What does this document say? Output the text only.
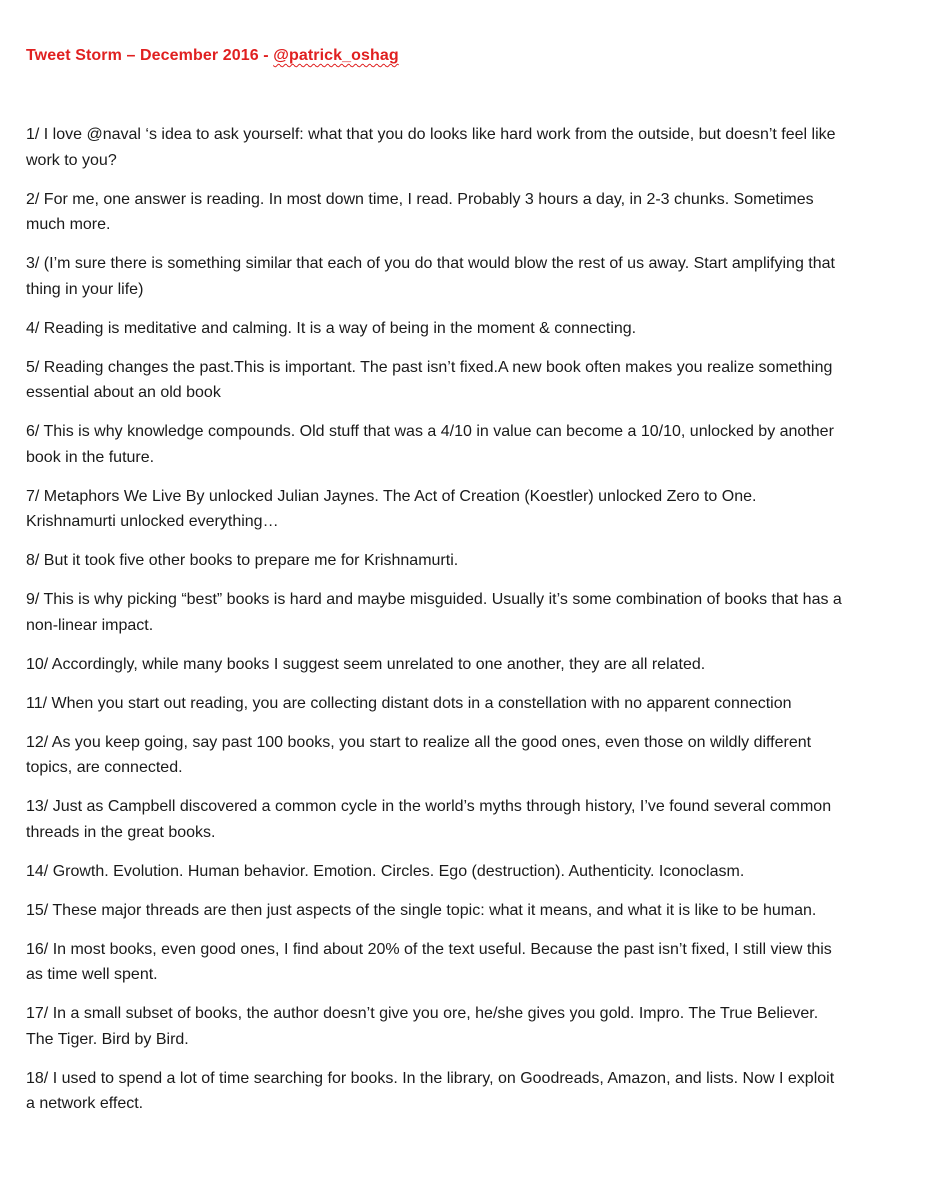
Tweet Storm – December 2016 - @patrick_oshag
1/ I love @naval ‘s idea to ask yourself: what that you do looks like hard work from the outside, but doesn’t feel like work to you?
2/ For me, one answer is reading. In most down time, I read. Probably 3 hours a day, in 2-3 chunks. Sometimes much more.
3/ (I’m sure there is something similar that each of you do that would blow the rest of us away. Start amplifying that thing in your life)
4/ Reading is meditative and calming. It is a way of being in the moment & connecting.
5/ Reading changes the past.This is important. The past isn’t fixed.A new book often makes you realize something essential about an old book
6/ This is why knowledge compounds. Old stuff that was a 4/10 in value can become a 10/10, unlocked by another book in the future.
7/ Metaphors We Live By unlocked Julian Jaynes. The Act of Creation (Koestler) unlocked Zero to One. Krishnamurti unlocked everything…
8/ But it took five other books to prepare me for Krishnamurti.
9/ This is why picking “best” books is hard and maybe misguided. Usually it’s some combination of books that has a non-linear impact.
10/ Accordingly, while many books I suggest seem unrelated to one another, they are all related.
11/ When you start out reading, you are collecting distant dots in a constellation with no apparent connection
12/ As you keep going, say past 100 books, you start to realize all the good ones, even those on wildly different topics, are connected.
13/ Just as Campbell discovered a common cycle in the world’s myths through history, I’ve found several common threads in the great books.
14/ Growth. Evolution. Human behavior. Emotion. Circles. Ego (destruction). Authenticity. Iconoclasm.
15/ These major threads are then just aspects of the single topic: what it means, and what it is like to be human.
16/ In most books, even good ones, I find about 20% of the text useful. Because the past isn’t fixed, I still view this as time well spent.
17/ In a small subset of books, the author doesn’t give you ore, he/she gives you gold. Impro. The True Believer. The Tiger. Bird by Bird.
18/ I used to spend a lot of time searching for books. In the library, on Goodreads, Amazon, and lists. Now I exploit a network effect.
